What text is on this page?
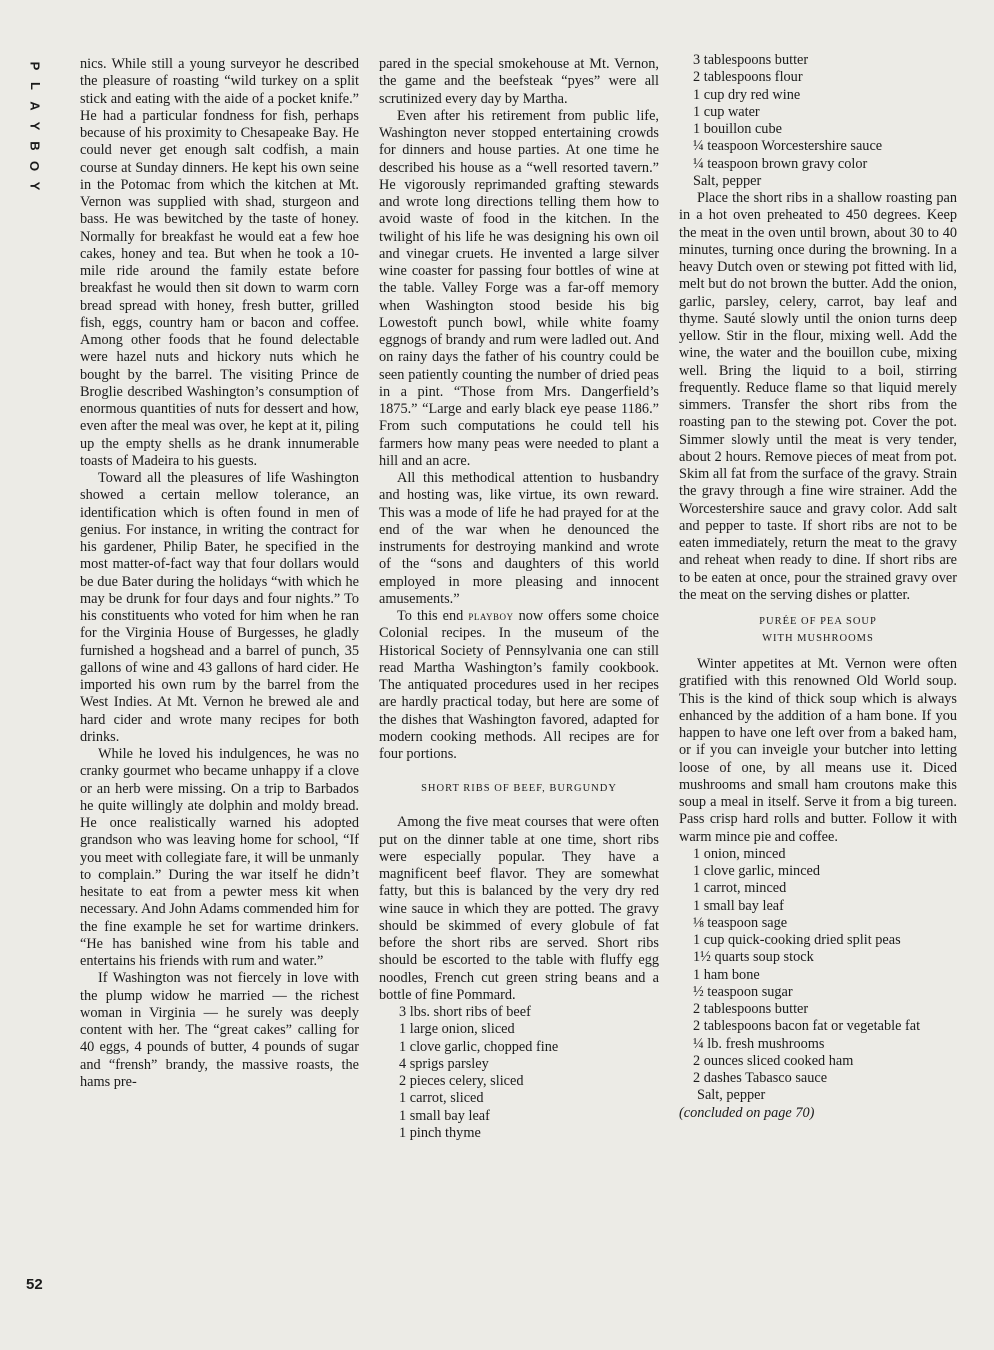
P
L
A
Y
B
O
Y
52

nics. While still a young surveyor he described the pleasure of roasting “wild turkey on a split stick and eating with the aide of a pocket knife.” He had a particular fondness for fish, perhaps because of his proximity to Chesapeake Bay. He could never get enough salt codfish, a main course at Sunday dinners. He kept his own seine in the Potomac from which the kitchen at Mt. Vernon was supplied with shad, sturgeon and bass. He was bewitched by the taste of honey. Normally for breakfast he would eat a few hoe cakes, honey and tea. But when he took a 10-mile ride around the family estate before breakfast he would then sit down to warm corn bread spread with honey, fresh butter, grilled fish, eggs, country ham or bacon and coffee. Among other foods that he found delectable were hazel nuts and hickory nuts which he bought by the barrel. The visiting Prince de Broglie described Washington’s consumption of enormous quantities of nuts for dessert and how, even after the meal was over, he kept at it, piling up the empty shells as he drank innumerable toasts of Madeira to his guests.

Toward all the pleasures of life Washington showed a certain mellow tolerance, an identification which is often found in men of genius. For instance, in writing the contract for his gardener, Philip Bater, he specified in the most matter-of-fact way that four dollars would be due Bater during the holidays “with which he may be drunk for four days and four nights.” To his constituents who voted for him when he ran for the Virginia House of Burgesses, he gladly furnished a hogshead and a barrel of punch, 35 gallons of wine and 43 gallons of hard cider. He imported his own rum by the barrel from the West Indies. At Mt. Vernon he brewed ale and hard cider and wrote many recipes for both drinks.

While he loved his indulgences, he was no cranky gourmet who became unhappy if a clove or an herb were missing. On a trip to Barbados he quite willingly ate dolphin and moldy bread. He once realistically warned his adopted grandson who was leaving home for school, “If you meet with collegiate fare, it will be unmanly to complain.” During the war itself he didn’t hesitate to eat from a pewter mess kit when necessary. And John Adams commended him for the fine example he set for wartime drinkers. “He has banished wine from his table and entertains his friends with rum and water.”

If Washington was not fiercely in love with the plump widow he married — the richest woman in Virginia — he surely was deeply content with her. The “great cakes” calling for 40 eggs, 4 pounds of butter, 4 pounds of sugar and “frensh” brandy, the massive roasts, the hams pre-

pared in the special smokehouse at Mt. Vernon, the game and the beefsteak “pyes” were all scrutinized every day by Martha.

Even after his retirement from public life, Washington never stopped entertaining crowds for dinners and house parties. At one time he described his house as a “well resorted tavern.” He vigorously reprimanded grafting stewards and wrote long directions telling them how to avoid waste of food in the kitchen. In the twilight of his life he was designing his own oil and vinegar cruets. He invented a large silver wine coaster for passing four bottles of wine at the table. Valley Forge was a far-off memory when Washington stood beside his big Lowestoft punch bowl, while white foamy eggnogs of brandy and rum were ladled out. And on rainy days the father of his country could be seen patiently counting the number of dried peas in a pint. “Those from Mrs. Dangerfield’s 1875.” “Large and early black eye pease 1186.” From such computations he could tell his farmers how many peas were needed to plant a hill and an acre.

All this methodical attention to husbandry and hosting was, like virtue, its own reward. This was a mode of life he had prayed for at the end of the war when he denounced the instruments for destroying mankind and wrote of the “sons and daughters of this world employed in more pleasing and innocent amusements.”

To this end playboy now offers some choice Colonial recipes. In the museum of the Historical Society of Pennsylvania one can still read Martha Washington’s family cookbook. The antiquated procedures used in her recipes are hardly practical today, but here are some of the dishes that Washington favored, adapted for modern cooking methods. All recipes are for four portions.

SHORT RIBS OF BEEF, BURGUNDY

Among the five meat courses that were often put on the dinner table at one time, short ribs were especially popular. They have a magnificent beef flavor. They are somewhat fatty, but this is balanced by the very dry red wine sauce in which they are potted. The gravy should be skimmed of every globule of fat before the short ribs are served. Short ribs should be escorted to the table with fluffy egg noodles, French cut green string beans and a bottle of fine Pommard.

3 lbs. short ribs of beef
1 large onion, sliced
1 clove garlic, chopped fine
4 sprigs parsley
2 pieces celery, sliced
1 carrot, sliced
1 small bay leaf
1 pinch thyme
3 tablespoons butter
2 tablespoons flour
1 cup dry red wine
1 cup water
1 bouillon cube
¼ teaspoon Worcestershire sauce
¼ teaspoon brown gravy color
Salt, pepper

Place the short ribs in a shallow roasting pan in a hot oven preheated to 450 degrees. Keep the meat in the oven until brown, about 30 to 40 minutes, turning once during the browning. In a heavy Dutch oven or stewing pot fitted with lid, melt but do not brown the butter. Add the onion, garlic, parsley, celery, carrot, bay leaf and thyme. Sauté slowly until the onion turns deep yellow. Stir in the flour, mixing well. Add the wine, the water and the bouillon cube, mixing well. Bring the liquid to a boil, stirring frequently. Reduce flame so that liquid merely simmers. Transfer the short ribs from the roasting pan to the stewing pot. Cover the pot. Simmer slowly until the meat is very tender, about 2 hours. Remove pieces of meat from pot. Skim all fat from the surface of the gravy. Strain the gravy through a fine wire strainer. Add the Worcestershire sauce and gravy color. Add salt and pepper to taste. If short ribs are not to be eaten immediately, return the meat to the gravy and reheat when ready to dine. If short ribs are to be eaten at once, pour the strained gravy over the meat on the serving dishes or platter.

PURÉE OF PEA SOUP
WITH MUSHROOMS

Winter appetites at Mt. Vernon were often gratified with this renowned Old World soup. This is the kind of thick soup which is always enhanced by the addition of a ham bone. If you happen to have one left over from a baked ham, or if you can inveigle your butcher into letting loose of one, by all means use it. Diced mushrooms and small ham croutons make this soup a meal in itself. Serve it from a big tureen. Pass crisp hard rolls and butter. Follow it with warm mince pie and coffee.

1 onion, minced
1 clove garlic, minced
1 carrot, minced
1 small bay leaf
⅛ teaspoon sage
1 cup quick-cooking dried split peas
1½ quarts soup stock
1 ham bone
½ teaspoon sugar
2 tablespoons butter
2 tablespoons bacon fat or vegetable fat
¼ lb. fresh mushrooms
2 ounces sliced cooked ham
2 dashes Tabasco sauce

Salt, pepper

(concluded on page 70)
